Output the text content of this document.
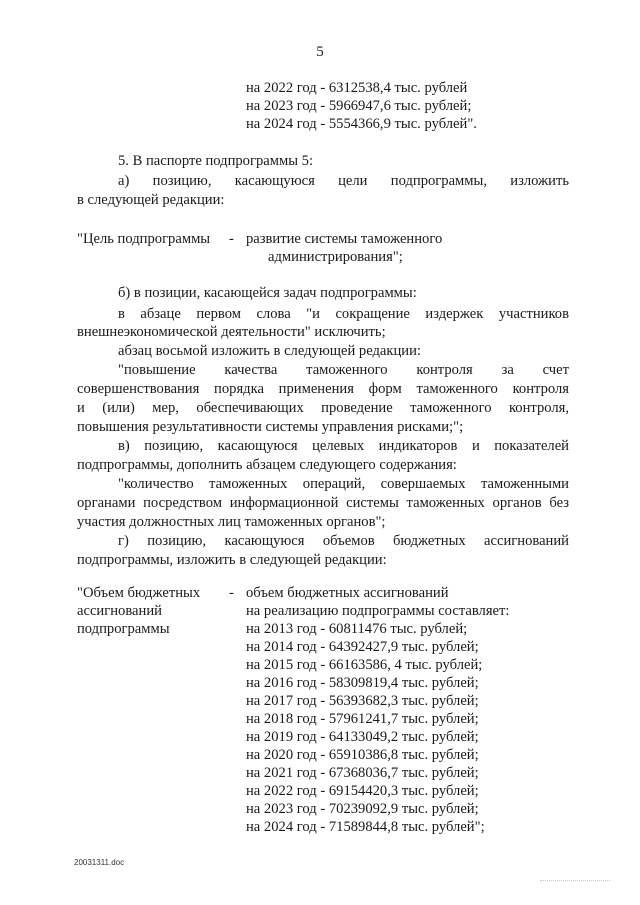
5
на 2022 год - 6312538,4 тыс. рублей
на 2023 год - 5966947,6 тыс. рублей;
на 2024 год - 5554366,9 тыс. рублей".
5. В паспорте подпрограммы 5:
а) позицию, касающуюся цели подпрограммы, изложить
в следующей редакции:
"Цель подпрограммы - развитие системы таможенного
администрирования";
б) в позиции, касающейся задач подпрограммы:
в абзаце первом слова "и сокращение издержек участников
внешнеэкономической деятельности" исключить;
абзац восьмой изложить в следующей редакции:
"повышение качества таможенного контроля за счет
совершенствования порядка применения форм таможенного контроля
и (или) мер, обеспечивающих проведение таможенного контроля,
повышения результативности системы управления рисками;";
в) позицию, касающуюся целевых индикаторов и показателей
подпрограммы, дополнить абзацем следующего содержания:
"количество таможенных операций, совершаемых таможенными
органами посредством информационной системы таможенных органов без
участия должностных лиц таможенных органов";
г) позицию, касающуюся объемов бюджетных ассигнований
подпрограммы, изложить в следующей редакции:
"Объем бюджетных
ассигнований
подпрограммы
- объем бюджетных ассигнований
на реализацию подпрограммы составляет:
на 2013 год - 60811476 тыс. рублей;
на 2014 год - 64392427,9 тыс. рублей;
на 2015 год - 66163586, 4 тыс. рублей;
на 2016 год - 58309819,4 тыс. рублей;
на 2017 год - 56393682,3 тыс. рублей;
на 2018 год - 57961241,7 тыс. рублей;
на 2019 год - 64133049,2 тыс. рублей;
на 2020 год - 65910386,8 тыс. рублей;
на 2021 год - 67368036,7 тыс. рублей;
на 2022 год - 69154420,3 тыс. рублей;
на 2023 год - 70239092,9 тыс. рублей;
на 2024 год - 71589844,8 тыс. рублей";
20031311.doc
